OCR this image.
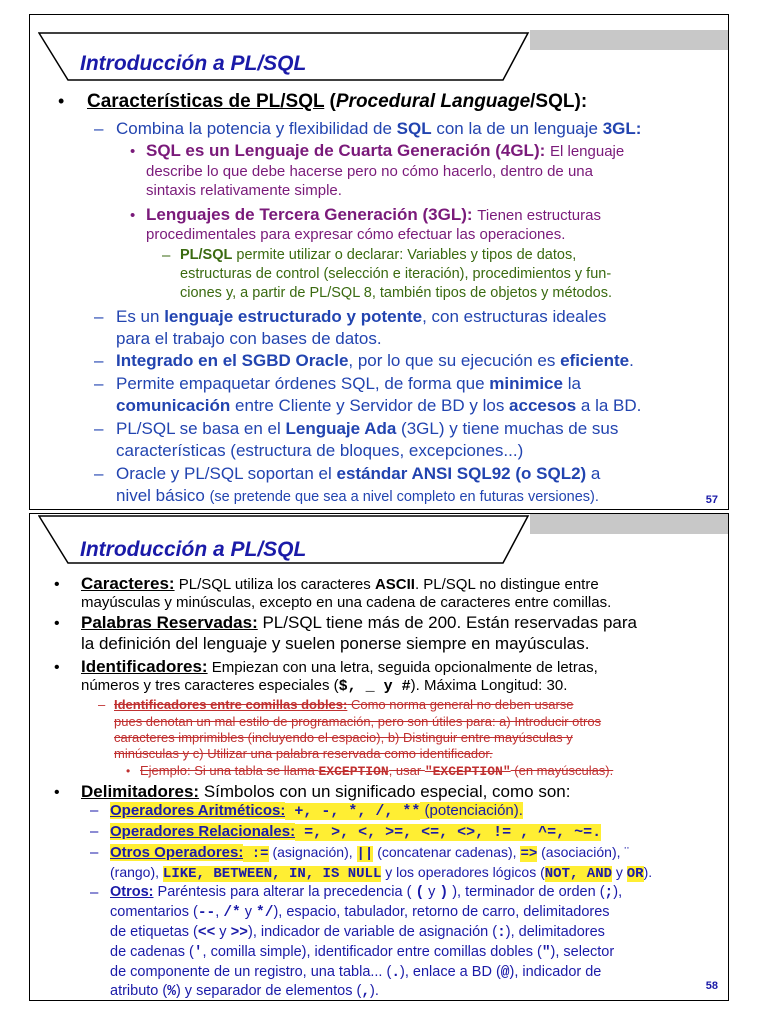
Introducción a PL/SQL
• Características de PL/SQL (Procedural Language/SQL):
– Combina la potencia y flexibilidad de SQL con la de un lenguaje 3GL:
• SQL es un Lenguaje de Cuarta Generación (4GL): El lenguaje
describe lo que debe hacerse pero no cómo hacerlo, dentro de una
sintaxis relativamente simple.
• Lenguajes de Tercera Generación (3GL): Tienen estructuras
procedimentales para expresar cómo efectuar las operaciones.
– PL/SQL permite utilizar o declarar: Variables y tipos de datos,
estructuras de control (selección e iteración), procedimientos y fun-
ciones y, a partir de PL/SQL 8, también tipos de objetos y métodos.
– Es un lenguaje estructurado y potente, con estructuras ideales
para el trabajo con bases de datos.
– Integrado en el SGBD Oracle, por lo que su ejecución es eficiente.
– Permite empaquetar órdenes SQL, de forma que minimice la
comunicación entre Cliente y Servidor de BD y los accesos a la BD.
– PL/SQL se basa en el Lenguaje Ada (3GL) y tiene muchas de sus
características (estructura de bloques, excepciones...)
– Oracle y PL/SQL soportan el estándar ANSI SQL92 (o SQL2) a
nivel básico (se pretende que sea a nivel completo en futuras versiones).	57
Introducción a PL/SQL
• Caracteres: PL/SQL utiliza los caracteres ASCII. PL/SQL no distingue entre
mayúsculas y minúsculas, excepto en una cadena de caracteres entre comillas.
• Palabras Reservadas: PL/SQL tiene más de 200. Están reservadas para
la definición del lenguaje y suelen ponerse siempre en mayúsculas.
• Identificadores: Empiezan con una letra, seguida opcionalmente de letras,
números y tres caracteres especiales ($, _ y #). Máxima Longitud: 30.
– Identificadores entre comillas dobles: Como norma general no deben usarse
pues denotan un mal estilo de programación, pero son útiles para: a) Introducir otros
caracteres imprimibles (incluyendo el espacio), b) Distinguir entre mayúsculas y
minúsculas y c) Utilizar una palabra reservada como identificador.
• Ejemplo: Si una tabla se llama EXCEPTION, usar "EXCEPTION" (en mayúsculas).
• Delimitadores: Símbolos con un significado especial, como son:
– Operadores Aritméticos: +, -, *, /, ** (potenciación).
– Operadores Relacionales: =, >, <, >=, <=, <>, != , ^=, ~=.
– Otros Operadores: := (asignación), || (concatenar cadenas), => (asociación), ¨
(rango), LIKE, BETWEEN, IN, IS NULL y los operadores lógicos (NOT, AND y OR).
– Otros: Paréntesis para alterar la precedencia ( ( y ) ), terminador de orden (;),
comentarios (--, /* y */), espacio, tabulador, retorno de carro, delimitadores
de etiquetas (<< y >>), indicador de variable de asignación (:), delimitadores
de cadenas (', comilla simple), identificador entre comillas dobles ("), selector
de componente de un registro, una tabla... (.), enlace a BD (@), indicador de
atributo (%) y separador de elementos (,).	58
